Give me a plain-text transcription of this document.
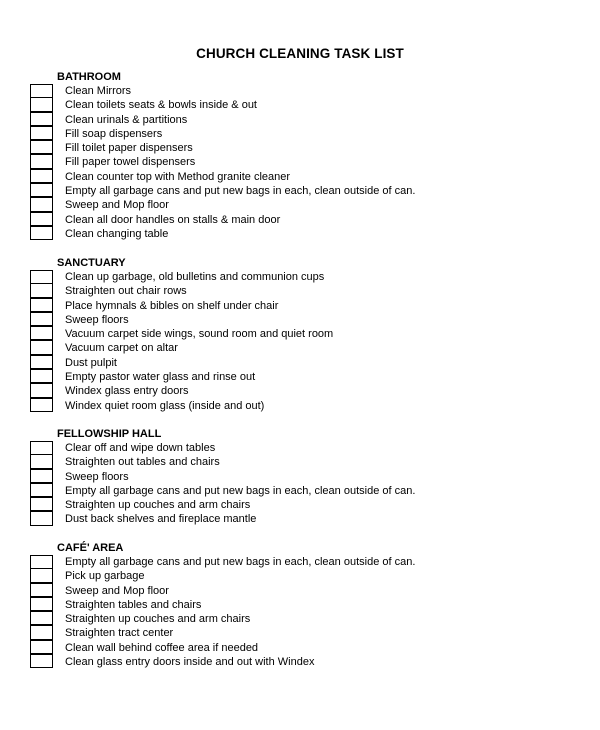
CHURCH CLEANING TASK LIST
BATHROOM
Clean Mirrors
Clean toilets seats & bowls inside & out
Clean urinals & partitions
Fill soap dispensers
Fill toilet paper dispensers
Fill paper towel dispensers
Clean counter top with Method granite cleaner
Empty all garbage cans and put new bags in each, clean outside of can.
Sweep and Mop floor
Clean all door handles on stalls & main door
Clean changing table
SANCTUARY
Clean up garbage, old bulletins and communion cups
Straighten out chair rows
Place hymnals & bibles on shelf under chair
Sweep floors
Vacuum carpet side wings, sound room and quiet room
Vacuum carpet on altar
Dust pulpit
Empty pastor water glass and rinse out
Windex glass entry doors
Windex quiet room glass (inside and out)
FELLOWSHIP HALL
Clear off and wipe down tables
Straighten out tables and chairs
Sweep floors
Empty all garbage cans and put new bags in each, clean outside of can.
Straighten up couches and arm chairs
Dust back shelves and fireplace mantle
CAFÉ' AREA
Empty all garbage cans and put new bags in each, clean outside of can.
Pick up garbage
Sweep and Mop floor
Straighten tables and chairs
Straighten up couches and arm chairs
Straighten tract center
Clean wall behind coffee area if needed
Clean glass entry doors inside and out with Windex
